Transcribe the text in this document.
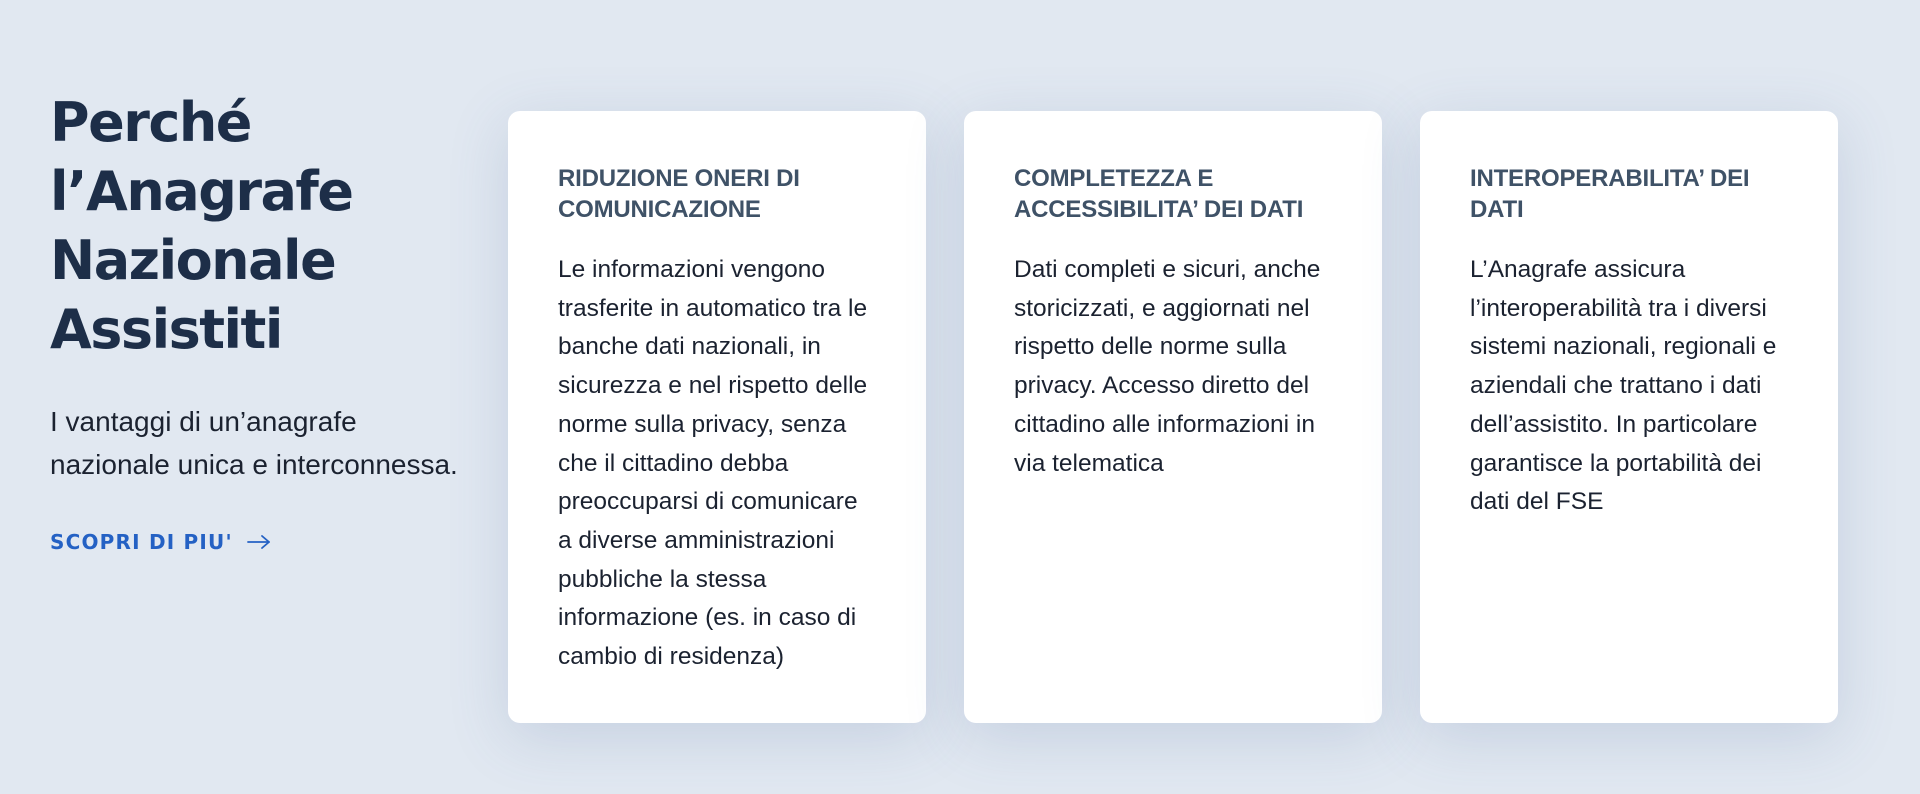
Perché
l’Anagrafe
Nazionale
Assistiti

I vantaggi di un’anagrafe nazionale unica e interconnessa.

SCOPRI DI PIU'
RIDUZIONE ONERI DI COMUNICAZIONE

Le informazioni vengono trasferite in automatico tra le banche dati nazionali, in sicurezza e nel rispetto delle norme sulla privacy, senza che il cittadino debba preoccuparsi di comunicare a diverse amministrazioni pubbliche la stessa informazione (es. in caso di cambio di residenza)

COMPLETEZZA E ACCESSIBILITA’ DEI DATI

Dati completi e sicuri, anche storicizzati, e aggiornati nel rispetto delle norme sulla privacy. Accesso diretto del cittadino alle informazioni in via telematica

INTEROPERABILITA’ DEI DATI

L’Anagrafe assicura l’interoperabilità tra i diversi sistemi nazionali, regionali e aziendali che trattano i dati dell’assistito. In particolare garantisce la portabilità dei dati del FSE
